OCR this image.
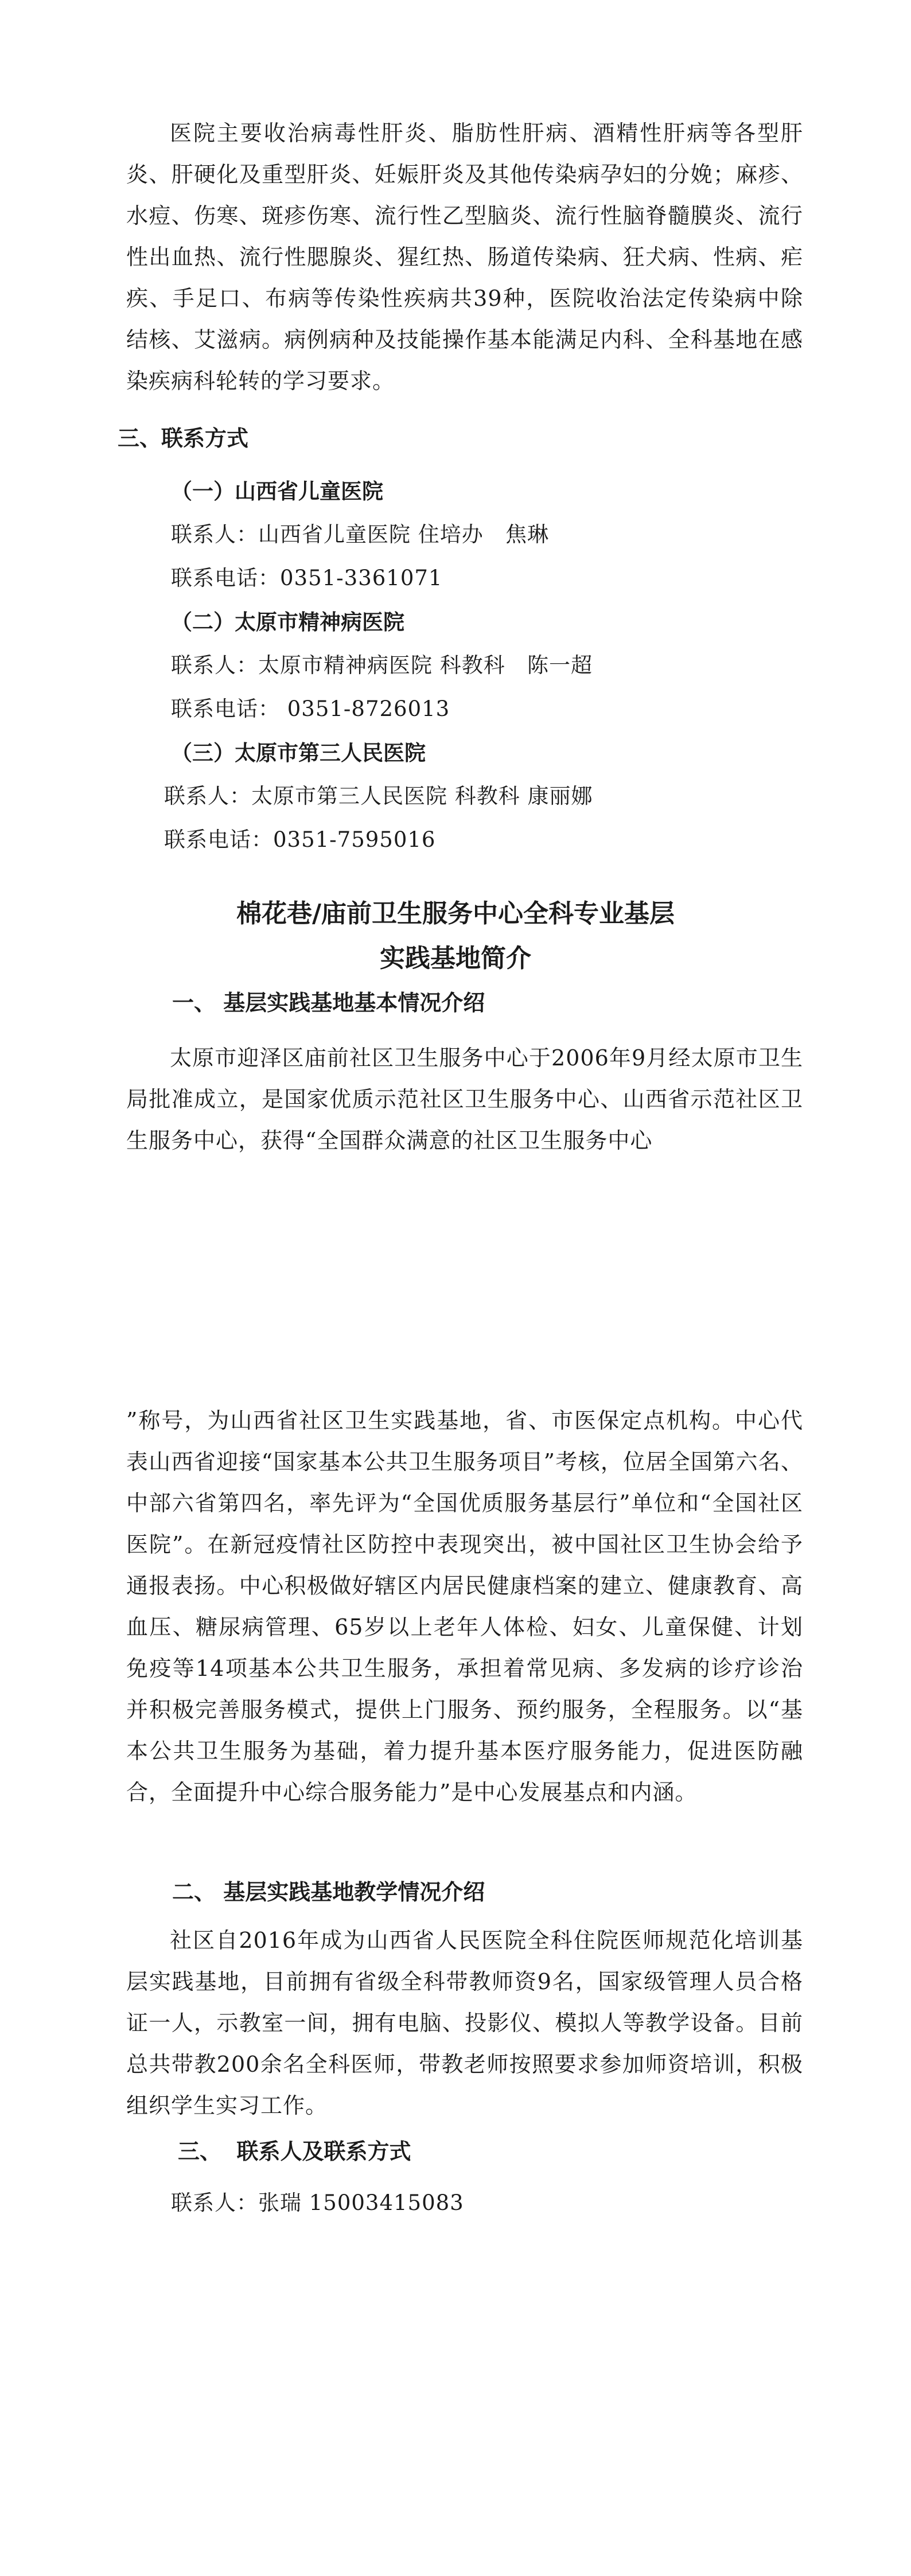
医院主要收治病毒性肝炎、脂肪性肝病、酒精性肝病等各型肝炎、肝硬化及重型肝炎、妊娠肝炎及其他传染病孕妇的分娩；麻疹、水痘、伤寒、斑疹伤寒、流行性乙型脑炎、流行性脑脊髓膜炎、流行性出血热、流行性腮腺炎、猩红热、肠道传染病、狂犬病、性病、疟疾、手足口、布病等传染性疾病共39种，医院收治法定传染病中除结核、艾滋病。病例病种及技能操作基本能满足内科、全科基地在感染疾病科轮转的学习要求。

三、联系方式

（一）山西省儿童医院

联系人：山西省儿童医院 住培办   焦琳

联系电话：0351-3361071

（二）太原市精神病医院

联系人：太原市精神病医院 科教科   陈一超

联系电话： 0351-8726013

（三）太原市第三人民医院

联系人：太原市第三人民医院 科教科 康丽娜

联系电话：0351-7595016

棉花巷/庙前卫生服务中心全科专业基层

实践基地简介

一、 基层实践基地基本情况介绍

太原市迎泽区庙前社区卫生服务中心于2006年9月经太原市卫生局批准成立，是国家优质示范社区卫生服务中心、山西省示范社区卫生服务中心，获得“全国群众满意的社区卫生服务中心

”称号，为山西省社区卫生实践基地，省、市医保定点机构。中心代表山西省迎接“国家基本公共卫生服务项目”考核，位居全国第六名、中部六省第四名，率先评为“全国优质服务基层行”单位和“全国社区医院”。在新冠疫情社区防控中表现突出，被中国社区卫生协会给予通报表扬。中心积极做好辖区内居民健康档案的建立、健康教育、高血压、糖尿病管理、65岁以上老年人体检、妇女、儿童保健、计划免疫等14项基本公共卫生服务，承担着常见病、多发病的诊疗诊治并积极完善服务模式，提供上门服务、预约服务，全程服务。以“基本公共卫生服务为基础，着力提升基本医疗服务能力，促进医防融合，全面提升中心综合服务能力”是中心发展基点和内涵。

二、 基层实践基地教学情况介绍

社区自2016年成为山西省人民医院全科住院医师规范化培训基层实践基地，目前拥有省级全科带教师资9名，国家级管理人员合格证一人，示教室一间，拥有电脑、投影仪、模拟人等教学设备。目前总共带教200余名全科医师，带教老师按照要求参加师资培训，积极组织学生实习工作。

三、  联系人及联系方式

联系人：张瑞 15003415083
